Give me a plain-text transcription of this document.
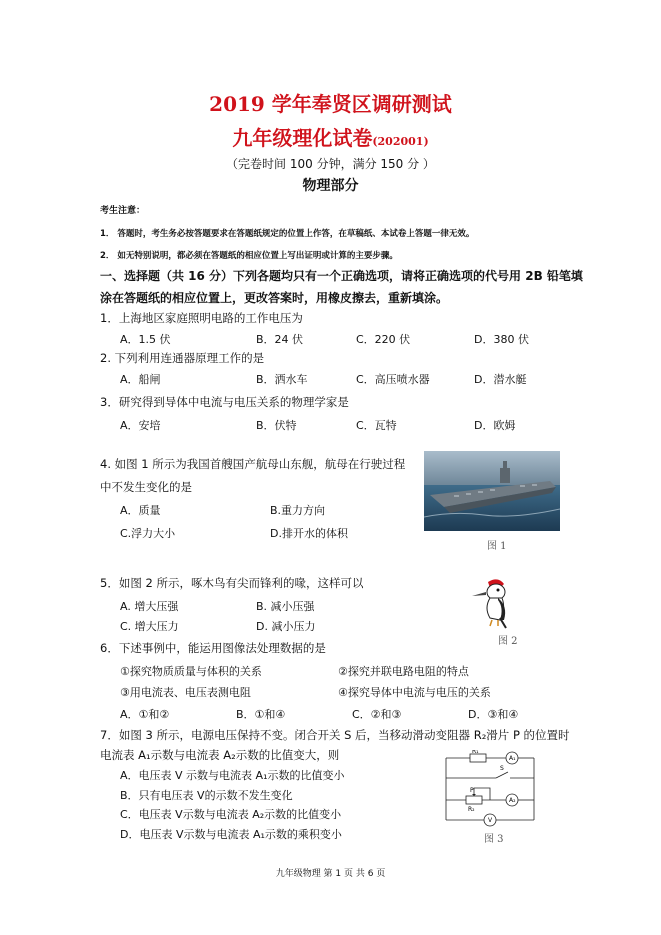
2019 学年奉贤区调研测试
九年级理化试卷(202001)
（完卷时间 100 分钟，满分 150 分 ）
物理部分
考生注意：
1． 答题时，考生务必按答题要求在答题纸规定的位置上作答，在草稿纸、本试卷上答题一律无效。
2． 如无特别说明，都必须在答题纸的相应位置上写出证明或计算的主要步骤。
一、选择题（共 16 分）下列各题均只有一个正确选项，请将正确选项的代号用 2B 铅笔填
涂在答题纸的相应位置上，更改答案时，用橡皮擦去，重新填涂。
1．上海地区家庭照明电路的工作电压为
A．1.5 伏	B．24 伏	C．220 伏	D．380 伏
2. 下列利用连通器原理工作的是
A．船闸	B．洒水车	C．高压喷水器	D．潜水艇
3．研究得到导体中电流与电压关系的物理学家是
A．安培	B．伏特	C．瓦特	D．欧姆
4. 如图 1 所示为我国首艘国产航母山东舰，航母在行驶过程
中不发生变化的是
A．质量	B.重力方向
C.浮力大小	D.排开水的体积
图 1
5．如图 2 所示，啄木鸟有尖而锋利的喙，这样可以
A. 增大压强	B. 减小压强
C. 增大压力	D. 减小压力
图 2
6．下述事例中，能运用图像法处理数据的是
①探究物质质量与体积的关系	②探究并联电路电阻的特点
③用电流表、电压表测电阻	④探究导体中电流与电压的关系
A．①和②	B．①和④	C．②和③	D．③和④
7．如图 3 所示，电源电压保持不变。闭合开关 S 后，当移动滑动变阻器 R₂滑片 P 的位置时
电流表 A₁示数与电流表 A₂示数的比值变大，则
A．电压表 V 示数与电流表 A₁示数的比值变小
B．只有电压表 V的示数不发生变化
C．电压表 V示数与电流表 A₂示数的比值变小
D．电压表 V示数与电流表 A₁示数的乘积变小
R₁
A₁
S
P
R₂
A₂
V
图 3
九年级物理 第 1 页 共 6 页
